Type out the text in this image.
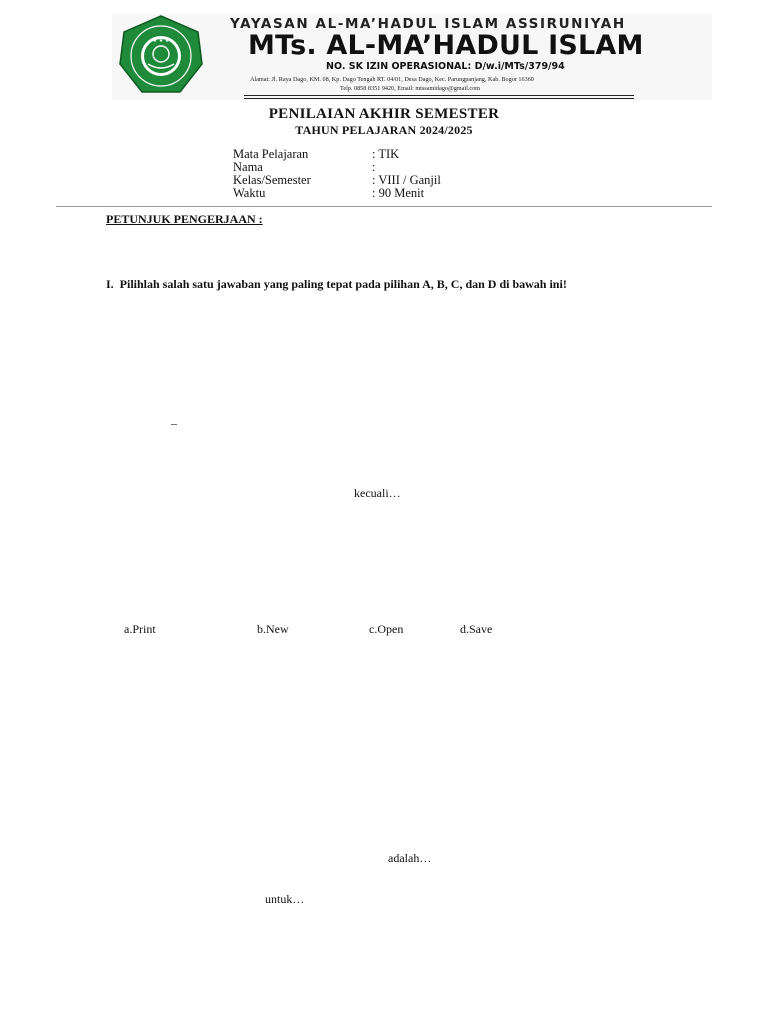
★ ★ ★
YAYASAN AL-MA’HADUL ISLAM ASSIRUNIYAH
MTs. AL-MA’HADUL ISLAM
NO. SK IZIN OPERASIONAL: D/w.i/MTs/379/94
Alamat: Jl. Raya Dago, KM. 08, Kp. Dago Tengah RT. 04/01, Desa Dago, Kec. Parungpanjang, Kab. Bogor 16360
Telp. 0858 8351 9420, Email: mtssamidago@gmail.com
PENILAIAN AKHIR SEMESTER
TAHUN PELAJARAN 2024/2025
Mata Pelajaran	: TIK
Nama	:
Kelas/Semester	: VIII / Ganjil
Waktu	: 90 Menit
PETUNJUK PENGERJAAN :
I. Pilihlah salah satu jawaban yang paling tepat pada pilihan A, B, C, dan D di bawah ini!
–
kecuali…
a.Print	b.New	c.Open	d.Save
adalah…
untuk…
